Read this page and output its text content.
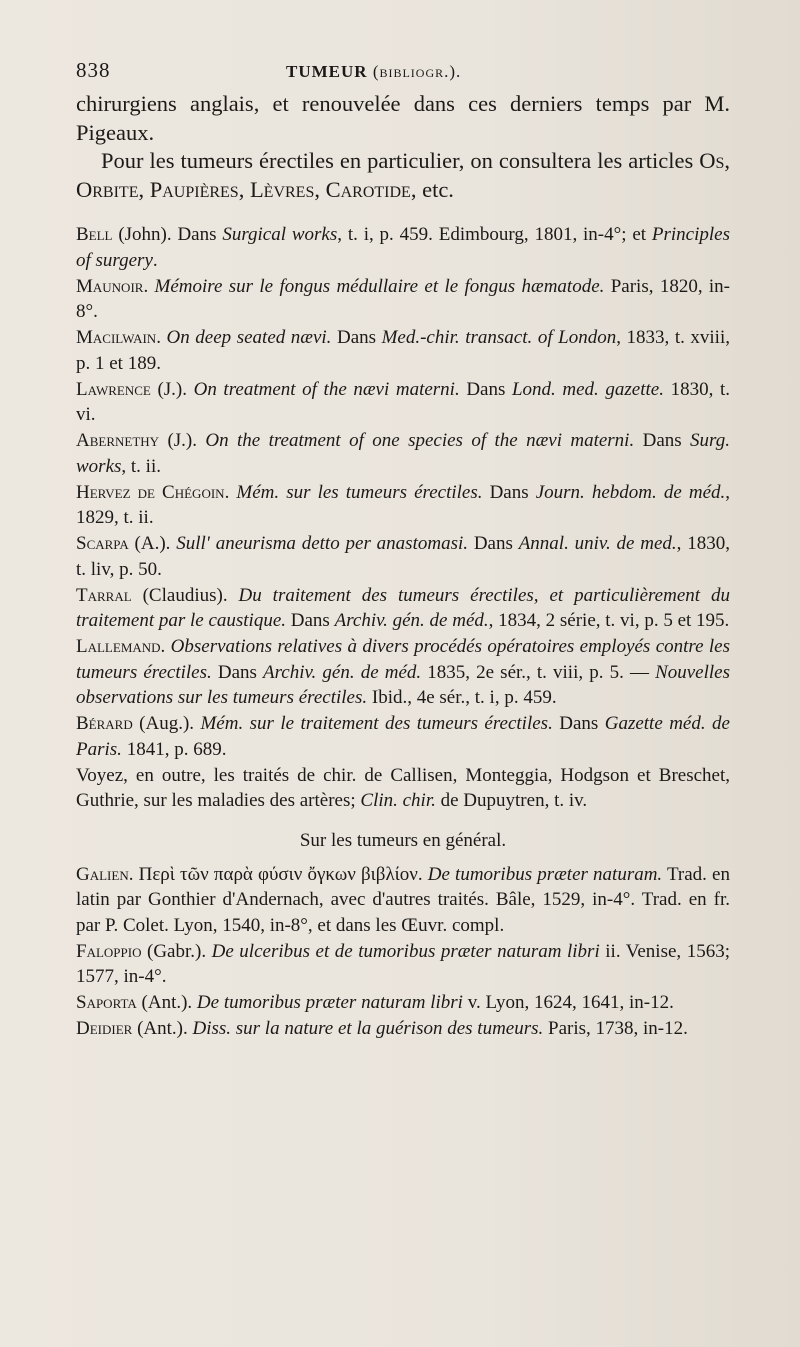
838	TUMEUR (bibliogr.).

chirurgiens anglais, et renouvelée dans ces derniers temps par M. Pigeaux.

Pour les tumeurs érectiles en particulier, on consultera les articles Os, Orbite, Paupières, Lèvres, Carotide, etc.

Bell (John). Dans Surgical works, t. i, p. 459. Edimbourg, 1801, in-4°; et Principles of surgery.

Maunoir. Mémoire sur le fongus médullaire et le fongus hæmatode. Paris, 1820, in-8°.

Macilwain. On deep seated nævi. Dans Med.-chir. transact. of London, 1833, t. xviii, p. 1 et 189.

Lawrence (J.). On treatment of the nævi materni. Dans Lond. med. gazette. 1830, t. vi.

Abernethy (J.). On the treatment of one species of the nævi materni. Dans Surg. works, t. ii.

Hervez de Chégoin. Mém. sur les tumeurs érectiles. Dans Journ. hebdom. de méd., 1829, t. ii.

Scarpa (A.). Sull' aneurisma detto per anastomasi. Dans Annal. univ. de med., 1830, t. liv, p. 50.

Tarral (Claudius). Du traitement des tumeurs érectiles, et particulièrement du traitement par le caustique. Dans Archiv. gén. de méd., 1834, 2 série, t. vi, p. 5 et 195.

Lallemand. Observations relatives à divers procédés opératoires employés contre les tumeurs érectiles. Dans Archiv. gén. de méd. 1835, 2e sér., t. viii, p. 5. — Nouvelles observations sur les tumeurs érectiles. Ibid., 4e sér., t. i, p. 459.

Bérard (Aug.). Mém. sur le traitement des tumeurs érectiles. Dans Gazette méd. de Paris. 1841, p. 689.

Voyez, en outre, les traités de chir. de Callisen, Monteggia, Hodgson et Breschet, Guthrie, sur les maladies des artères; Clin. chir. de Dupuytren, t. iv.

Sur les tumeurs en général.

Galien. Περὶ τῶν παρὰ φύσιν ὄγκων βιβλίον. De tumoribus præter naturam. Trad. en latin par Gonthier d'Andernach, avec d'autres traités. Bâle, 1529, in-4°. Trad. en fr. par P. Colet. Lyon, 1540, in-8°, et dans les Œuvr. compl.

Faloppio (Gabr.). De ulceribus et de tumoribus præter naturam libri ii. Venise, 1563; 1577, in-4°.

Saporta (Ant.). De tumoribus præter naturam libri v. Lyon, 1624, 1641, in-12.

Deidier (Ant.). Diss. sur la nature et la guérison des tumeurs. Paris, 1738, in-12.
